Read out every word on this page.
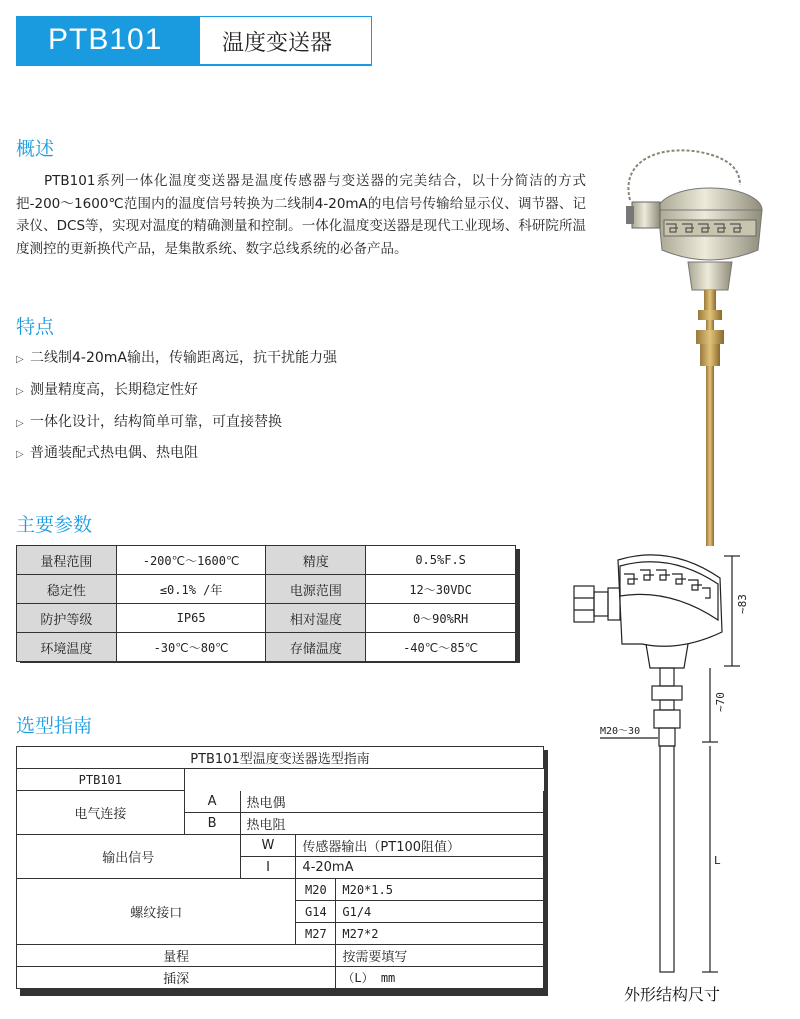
PTB101	温度变送器
概述
PTB101系列一体化温度变送器是温度传感器与变送器的完美结合，以十分简洁的方式把-200～1600℃范围内的温度信号转换为二线制4-20mA的电信号传输给显示仪、调节器、记录仪、DCS等，实现对温度的精确测量和控制。一体化温度变送器是现代工业现场、科研院所温度测控的更新换代产品，是集散系统、数字总线系统的必备产品。
特点
▷ 二线制4-20mA输出，传输距离远，抗干扰能力强
▷ 测量精度高，长期稳定性好
▷ 一体化设计，结构简单可靠，可直接替换
▷ 普通装配式热电偶、热电阻
主要参数
量程范围	-200℃～1600℃	精度	0.5%F.S
稳定性	≤0.1% /年	电源范围	12～30VDC
防护等级	IP65	相对湿度	0～90%RH
环境温度	-30℃～80℃	存储温度	-40℃～85℃
选型指南
PTB101型温度变送器选型指南				
PTB101				
电气连接	A	热电偶		
	B	热电阻		
输出信号		W	传感器输出（PT100阻值）	
		I	4-20mA	
螺纹接口			M20	M20*1.5
			G14	G1/4
			M27	M27*2
量程				按需要填写
插深				（L） mm
~83
~70
M20～30
L
外形结构尺寸
